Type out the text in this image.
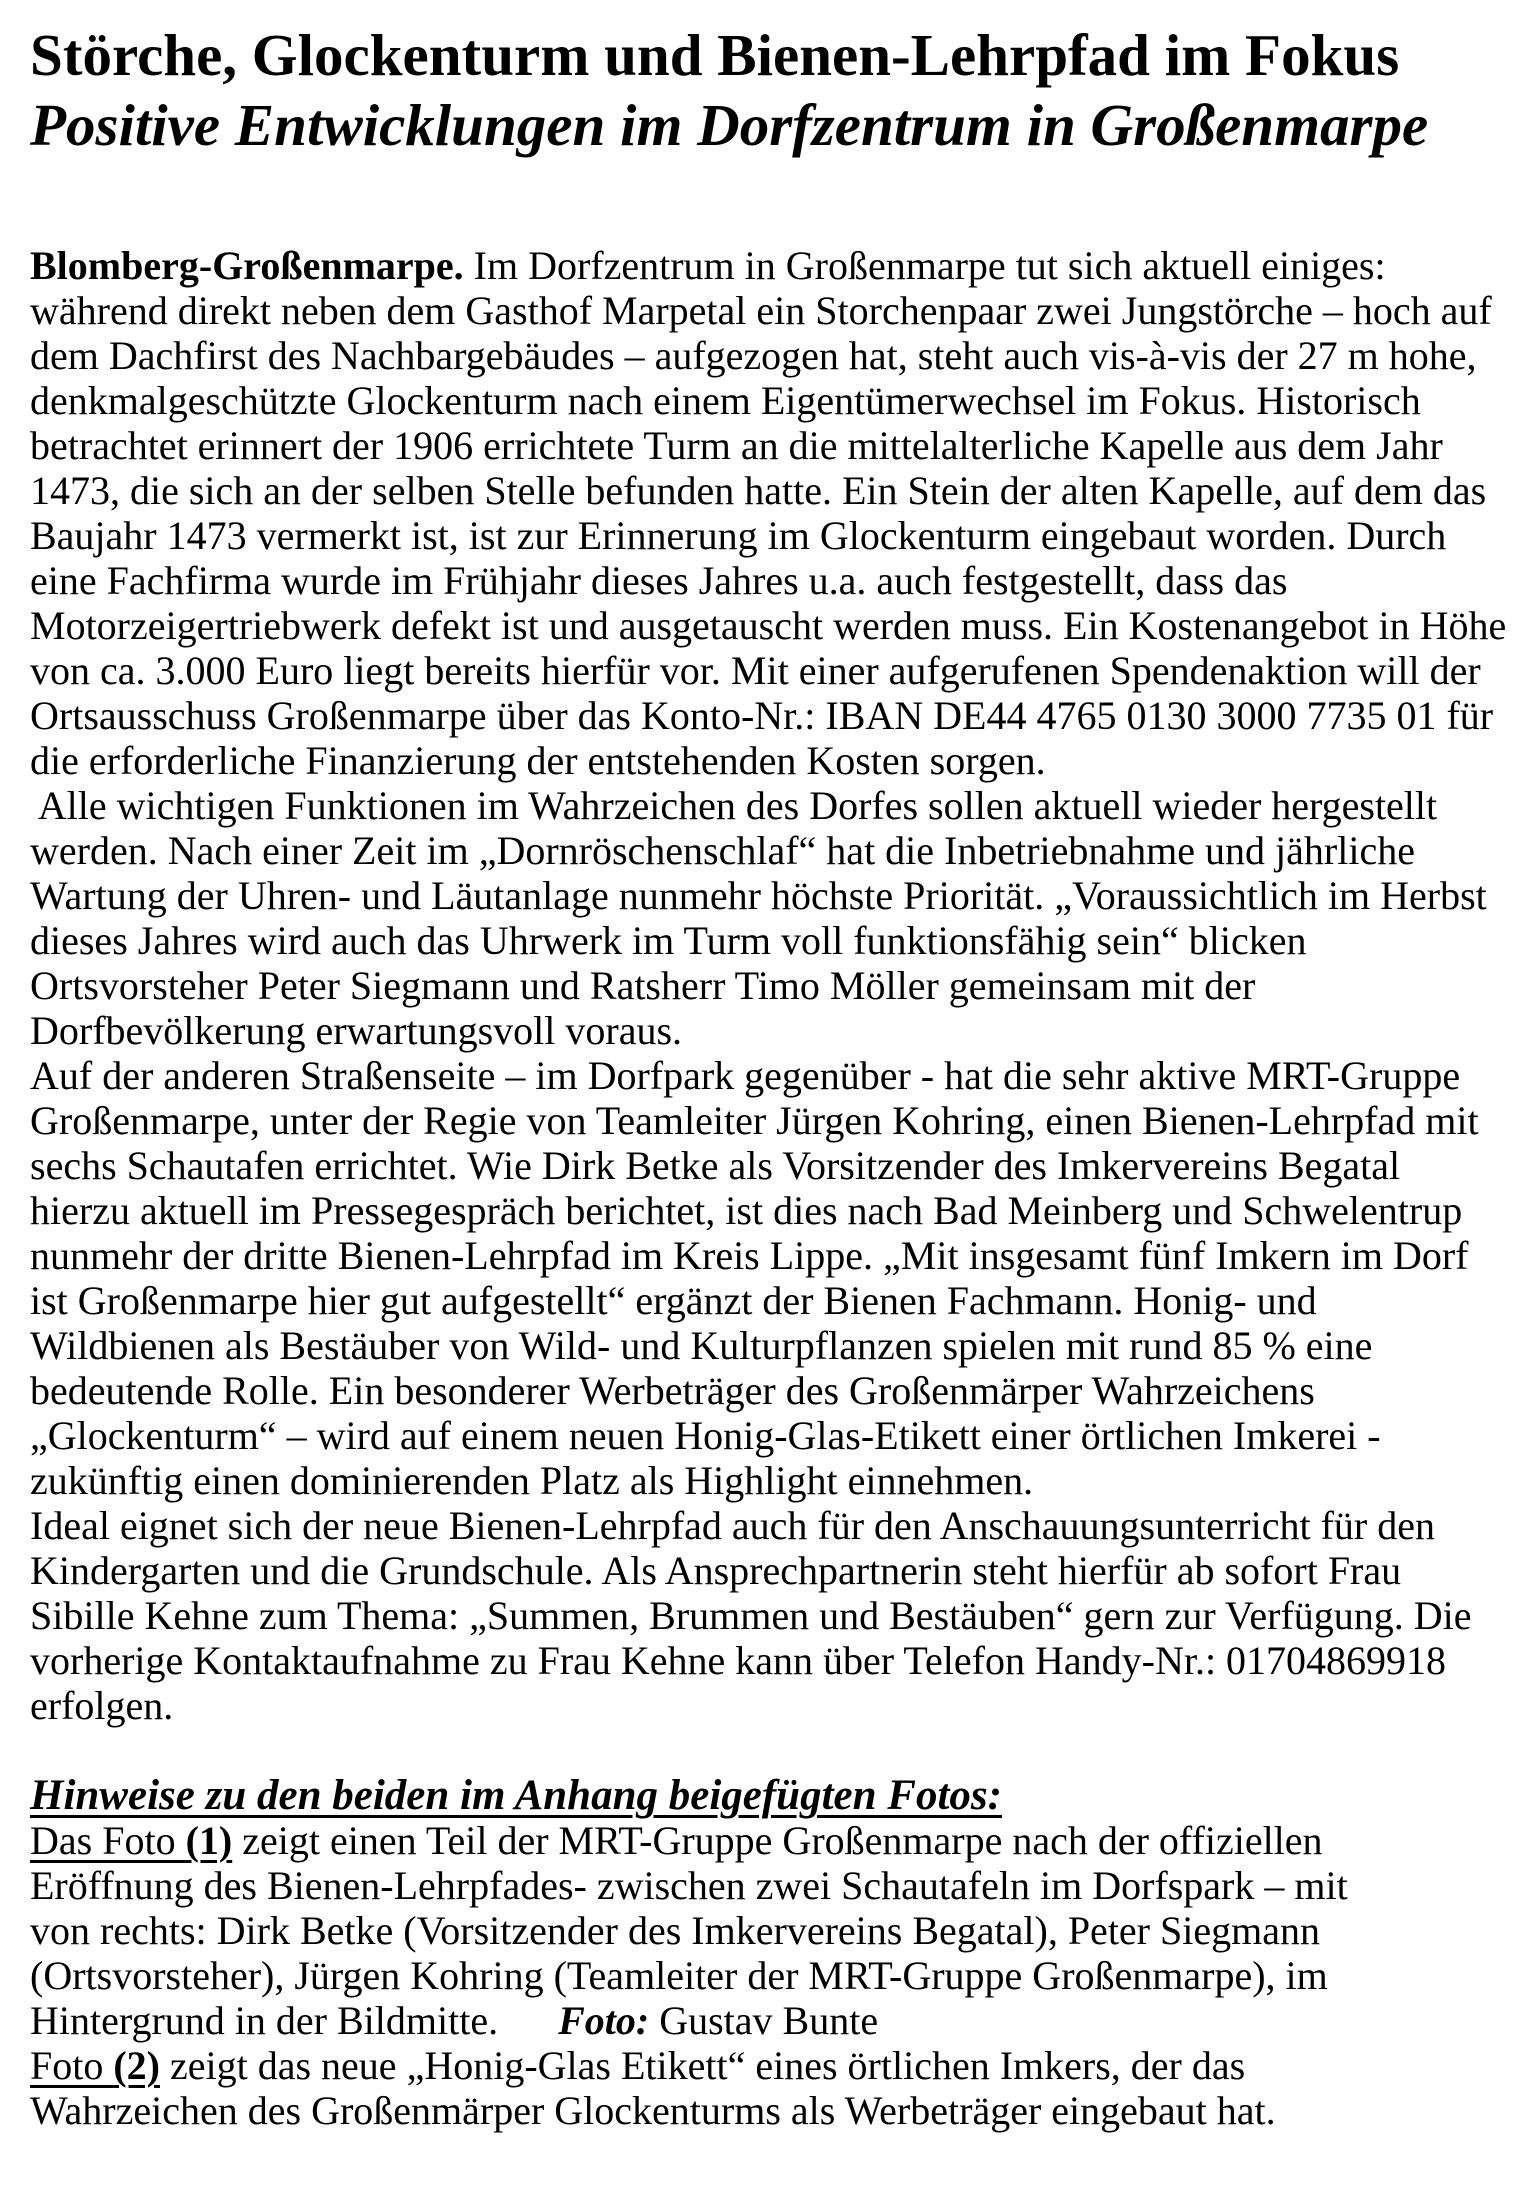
Störche, Glockenturm und Bienen-Lehrpfad im Fokus
Positive Entwicklungen im Dorfzentrum in Großenmarpe
Blomberg-Großenmarpe. Im Dorfzentrum in Großenmarpe tut sich aktuell einiges:
während direkt neben dem Gasthof Marpetal ein Storchenpaar zwei Jungstörche – hoch auf
dem Dachfirst des Nachbargebäudes – aufgezogen hat, steht auch vis-à-vis der 27 m hohe,
denkmalgeschützte Glockenturm nach einem Eigentümerwechsel im Fokus. Historisch
betrachtet erinnert der 1906 errichtete Turm an die mittelalterliche Kapelle aus dem Jahr
1473, die sich an der selben Stelle befunden hatte. Ein Stein der alten Kapelle, auf dem das
Baujahr 1473 vermerkt ist, ist zur Erinnerung im Glockenturm eingebaut worden. Durch
eine Fachfirma wurde im Frühjahr dieses Jahres u.a. auch festgestellt, dass das
Motorzeigertriebwerk defekt ist und ausgetauscht werden muss. Ein Kostenangebot in Höhe
von ca. 3.000 Euro liegt bereits hierfür vor. Mit einer aufgerufenen Spendenaktion will der
Ortsausschuss Großenmarpe über das Konto-Nr.: IBAN DE44 4765 0130 3000 7735 01 für
die erforderliche Finanzierung der entstehenden Kosten sorgen.
Alle wichtigen Funktionen im Wahrzeichen des Dorfes sollen aktuell wieder hergestellt
werden. Nach einer Zeit im „Dornröschenschlaf“ hat die Inbetriebnahme und jährliche
Wartung der Uhren- und Läutanlage nunmehr höchste Priorität. „Voraussichtlich im Herbst
dieses Jahres wird auch das Uhrwerk im Turm voll funktionsfähig sein“ blicken
Ortsvorsteher Peter Siegmann und Ratsherr Timo Möller gemeinsam mit der
Dorfbevölkerung erwartungsvoll voraus.
Auf der anderen Straßenseite – im Dorfpark gegenüber - hat die sehr aktive MRT-Gruppe
Großenmarpe, unter der Regie von Teamleiter Jürgen Kohring, einen Bienen-Lehrpfad mit
sechs Schautafen errichtet. Wie Dirk Betke als Vorsitzender des Imkervereins Begatal
hierzu aktuell im Pressegespräch berichtet, ist dies nach Bad Meinberg und Schwelentrup
nunmehr der dritte Bienen-Lehrpfad im Kreis Lippe. „Mit insgesamt fünf Imkern im Dorf
ist Großenmarpe hier gut aufgestellt“ ergänzt der Bienen Fachmann. Honig- und
Wildbienen als Bestäuber von Wild- und Kulturpflanzen spielen mit rund 85 % eine
bedeutende Rolle. Ein besonderer Werbeträger des Großenmärper Wahrzeichens
„Glockenturm“ – wird auf einem neuen Honig-Glas-Etikett einer örtlichen Imkerei -
zukünftig einen dominierenden Platz als Highlight einnehmen.
Ideal eignet sich der neue Bienen-Lehrpfad auch für den Anschauungsunterricht für den
Kindergarten und die Grundschule. Als Ansprechpartnerin steht hierfür ab sofort Frau
Sibille Kehne zum Thema: „Summen, Brummen und Bestäuben“ gern zur Verfügung. Die
vorherige Kontaktaufnahme zu Frau Kehne kann über Telefon Handy-Nr.: 01704869918
erfolgen.

Hinweise zu den beiden im Anhang beigefügten Fotos:
Das Foto (1) zeigt einen Teil der MRT-Gruppe Großenmarpe nach der offiziellen
Eröffnung des Bienen-Lehrpfades- zwischen zwei Schautafeln im Dorfspark – mit
von rechts: Dirk Betke (Vorsitzender des Imkervereins Begatal), Peter Siegmann
(Ortsvorsteher), Jürgen Kohring (Teamleiter der MRT-Gruppe Großenmarpe), im
Hintergrund in der Bildmitte.      Foto: Gustav Bunte
Foto (2) zeigt das neue „Honig-Glas Etikett“ eines örtlichen Imkers, der das
Wahrzeichen des Großenmärper Glockenturms als Werbeträger eingebaut hat.
